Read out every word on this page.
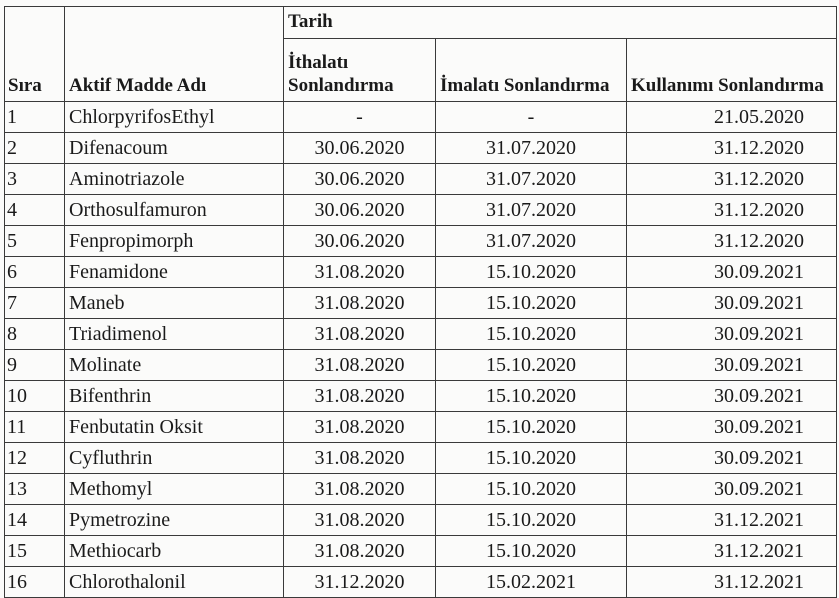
Sıra	Aktif Madde Adı	Tarih		
		İthalatı Sonlandırma	İmalatı Sonlandırma	Kullanımı Sonlandırma
1	ChlorpyrifosEthyl	-	-	21.05.2020
2	Difenacoum	30.06.2020	31.07.2020	31.12.2020
3	Aminotriazole	30.06.2020	31.07.2020	31.12.2020
4	Orthosulfamuron	30.06.2020	31.07.2020	31.12.2020
5	Fenpropimorph	30.06.2020	31.07.2020	31.12.2020
6	Fenamidone	31.08.2020	15.10.2020	30.09.2021
7	Maneb	31.08.2020	15.10.2020	30.09.2021
8	Triadimenol	31.08.2020	15.10.2020	30.09.2021
9	Molinate	31.08.2020	15.10.2020	30.09.2021
10	Bifenthrin	31.08.2020	15.10.2020	30.09.2021
11	Fenbutatin Oksit	31.08.2020	15.10.2020	30.09.2021
12	Cyfluthrin	31.08.2020	15.10.2020	30.09.2021
13	Methomyl	31.08.2020	15.10.2020	30.09.2021
14	Pymetrozine	31.08.2020	15.10.2020	31.12.2021
15	Methiocarb	31.08.2020	15.10.2020	31.12.2021
16	Chlorothalonil	31.12.2020	15.02.2021	31.12.2021
